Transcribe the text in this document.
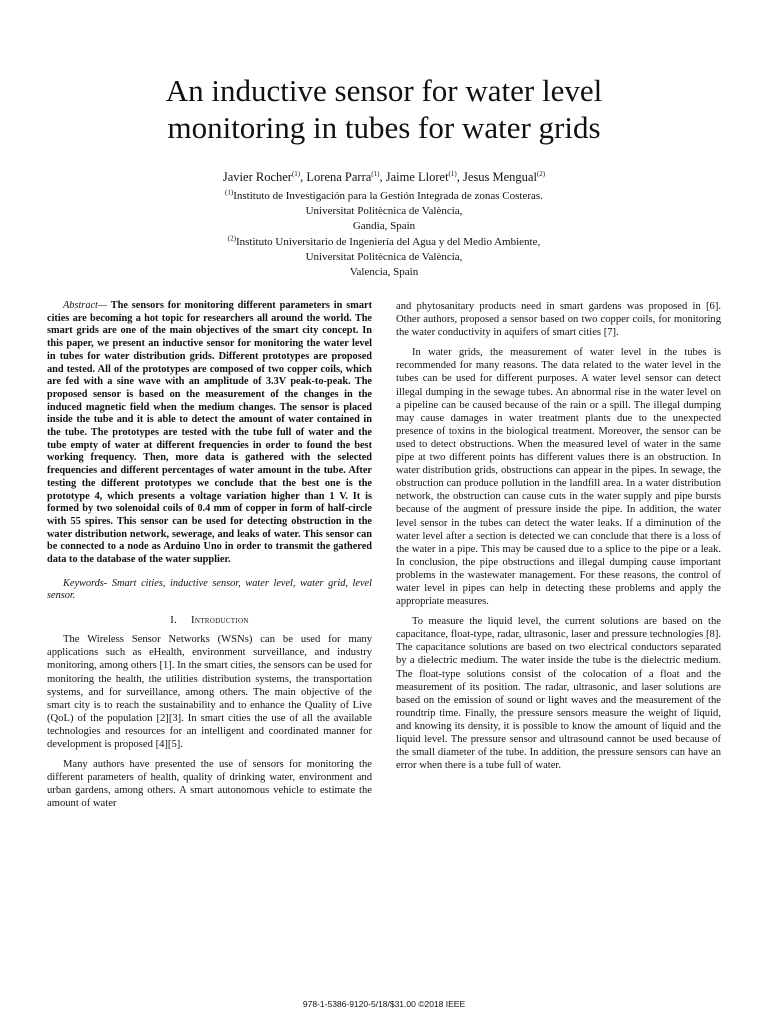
An inductive sensor for water level
monitoring in tubes for water grids
Javier Rocher$^{(1)}$, Lorena Parra$^{(1)}$, Jaime Lloret$^{(1)}$, Jesus Mengual$^{(2)}$
$^{(1)}$Instituto de Investigación para la Gestión Integrada de zonas Costeras.
Universitat Politècnica de València,
Gandia, Spain
$^{(2)}$Instituto Universitario de Ingeniería del Agua y del Medio Ambiente,
Universitat Politècnica de València,
Valencia, Spain

Abstract— The sensors for monitoring different parameters in smart cities are becoming a hot topic for researchers all around the world. The smart grids are one of the main objectives of the smart city concept. In this paper, we present an inductive sensor for monitoring the water level in tubes for water distribution grids. Different prototypes are proposed and tested. All of the prototypes are composed of two copper coils, which are fed with a sine wave with an amplitude of 3.3V peak-to-peak. The proposed sensor is based on the measurement of the changes in the induced magnetic field when the medium changes. The sensor is placed inside the tube and it is able to detect the amount of water contained in the tube. The prototypes are tested with the tube full of water and the tube empty of water at different frequencies in order to found the best working frequency. Then, more data is gathered with the selected frequencies and different percentages of water amount in the tube. After testing the different prototypes we conclude that the best one is the prototype 4, which presents a voltage variation higher than 1 V. It is formed by two solenoidal coils of 0.4 mm of copper in form of half-circle with 55 spires. This sensor can be used for detecting obstruction in the water distribution network, sewerage, and leaks of water. This sensor can be connected to a node as Arduino Uno in order to transmit the gathered data to the database of the water supplier.

Keywords- Smart cities, inductive sensor, water level, water grid, level sensor.

I. Introduction

The Wireless Sensor Networks (WSNs) can be used for many applications such as eHealth, environment surveillance, and industry monitoring, among others [1]. In the smart cities, the sensors can be used for monitoring the health, the utilities distribution systems, the transportation systems, and for surveillance, among others. The main objective of the smart city is to reach the sustainability and to enhance the Quality of Live (QoL) of the population [2][3]. In smart cities the use of all the available technologies and resources for an intelligent and coordinated manner for development is proposed [4][5].

Many authors have presented the use of sensors for monitoring the different parameters of health, quality of drinking water, environment and urban gardens, among others. A smart autonomous vehicle to estimate the amount of water

and phytosanitary products need in smart gardens was proposed in [6]. Other authors, proposed a sensor based on two copper coils, for monitoring the water conductivity in aquifers of smart cities [7].

In water grids, the measurement of water level in the tubes is recommended for many reasons. The data related to the water level in the tubes can be used for different purposes. A water level sensor can detect illegal dumping in the sewage tubes. An abnormal rise in the water level on a pipeline can be caused because of the rain or a spill. The illegal dumping may cause damages in water treatment plants due to the unexpected presence of toxins in the biological treatment. Moreover, the sensor can be used to detect obstructions. When the measured level of water in the same pipe at two different points has different values there is an obstruction. In water distribution grids, obstructions can appear in the pipes. In sewage, the obstruction can produce pollution in the landfill area. In a water distribution network, the obstruction can cause cuts in the water supply and pipe bursts because of the augment of pressure inside the pipe. In addition, the water level sensor in the tubes can detect the water leaks. If a diminution of the water level after a section is detected we can conclude that there is a loss of the water in a pipe. This may be caused due to a splice to the pipe or a leak. In conclusion, the pipe obstructions and illegal dumping cause important problems in the wastewater management. For these reasons, the control of water level in pipes can help in detecting these problems and apply the appropriate measures.

To measure the liquid level, the current solutions are based on the capacitance, float-type, radar, ultrasonic, laser and pressure technologies [8]. The capacitance solutions are based on two electrical conductors separated by a dielectric medium. The water inside the tube is the dielectric medium. The float-type solutions consist of the colocation of a float and the measurement of its position. The radar, ultrasonic, and laser solutions are based on the emission of sound or light waves and the measurement of the roundtrip time. Finally, the pressure sensors measure the weight of liquid, and knowing its density, it is possible to know the amount of liquid and the liquid level. The pressure sensor and ultrasound cannot be used because of the small diameter of the tube. In addition, the pressure sensors can have an error when there is a tube full of water.

978-1-5386-9120-5/18/$31.00 ©2018 IEEE
